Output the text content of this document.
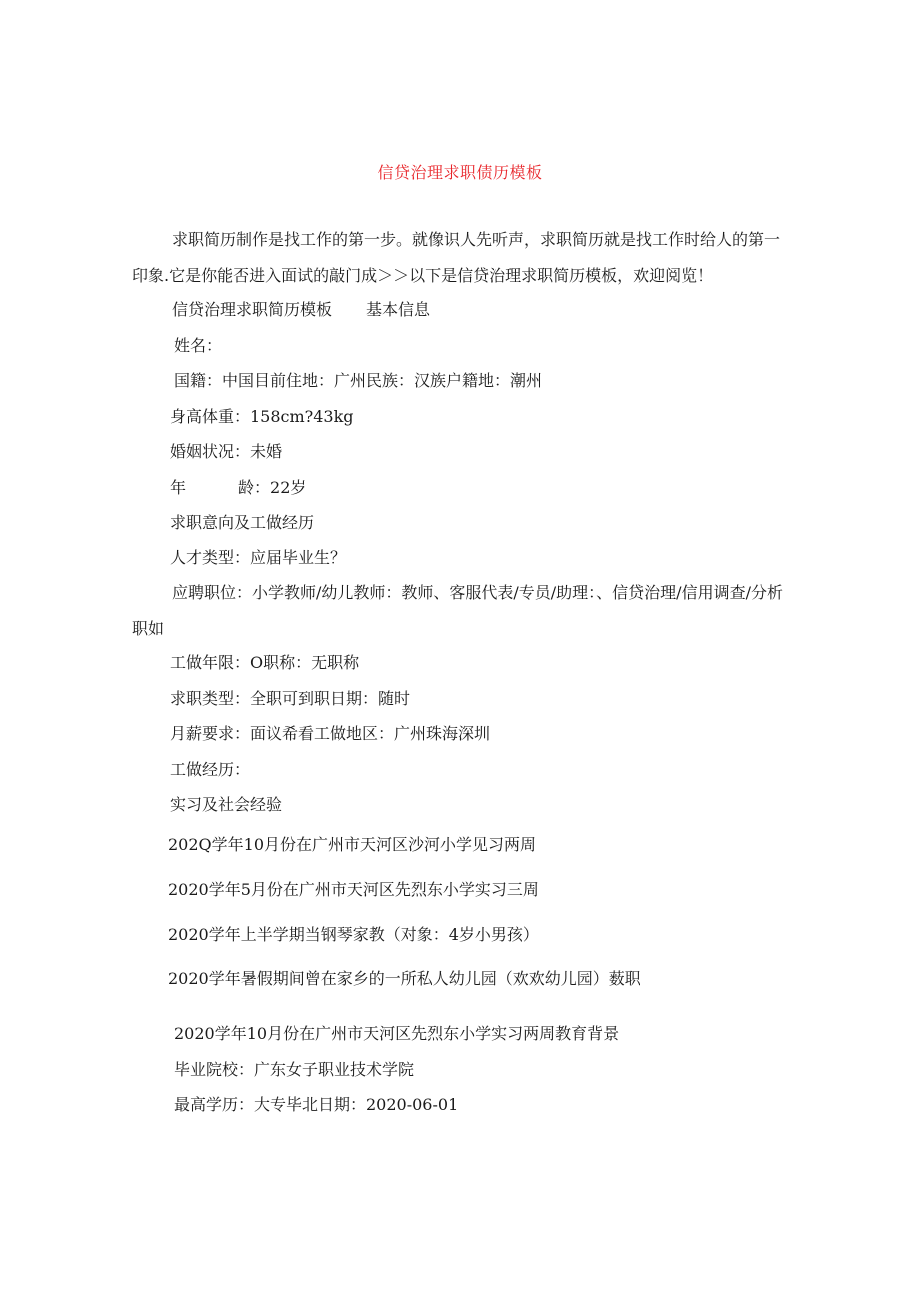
信贷治理求职债历模板
求职简历制作是找工作的第一步。就像识人先听声，求职简历就是找工作时给人的第一印象.它是你能否进入面试的敲门成＞＞以下是信贷治理求职简历模板，欢迎阅览！
信贷治理求职简历模板 基本信息
姓名：
国籍：中国目前住地：广州民族：汉族户籍地：潮州
身高体重：158cm?43kg
婚姻状况：未婚
年	龄：22岁
求职意向及工做经历
人才类型：应届毕业生？
应聘职位：小学教师/幼儿教师：教师、客服代表/专员/助理：、信贷治理/信用调查/分析职如
工做年限：O职称：无职称
求职类型：全职可到职日期：随时
月薪要求：面议希看工做地区：广州珠海深圳
工做经历：
实习及社会经验
202Q学年10月份在广州市天河区沙河小学见习两周
2020学年5月份在广州市天河区先烈东小学实习三周
2020学年上半学期当钢琴家教（对象：4岁小男孩）
2020学年暑假期间曾在家乡的一所私人幼儿园（欢欢幼儿园）薮职
2020学年10月份在广州市天河区先烈东小学实习两周教育背景
毕业院校：广东女子职业技术学院
最高学历：大专毕北日期：2020-06-01
